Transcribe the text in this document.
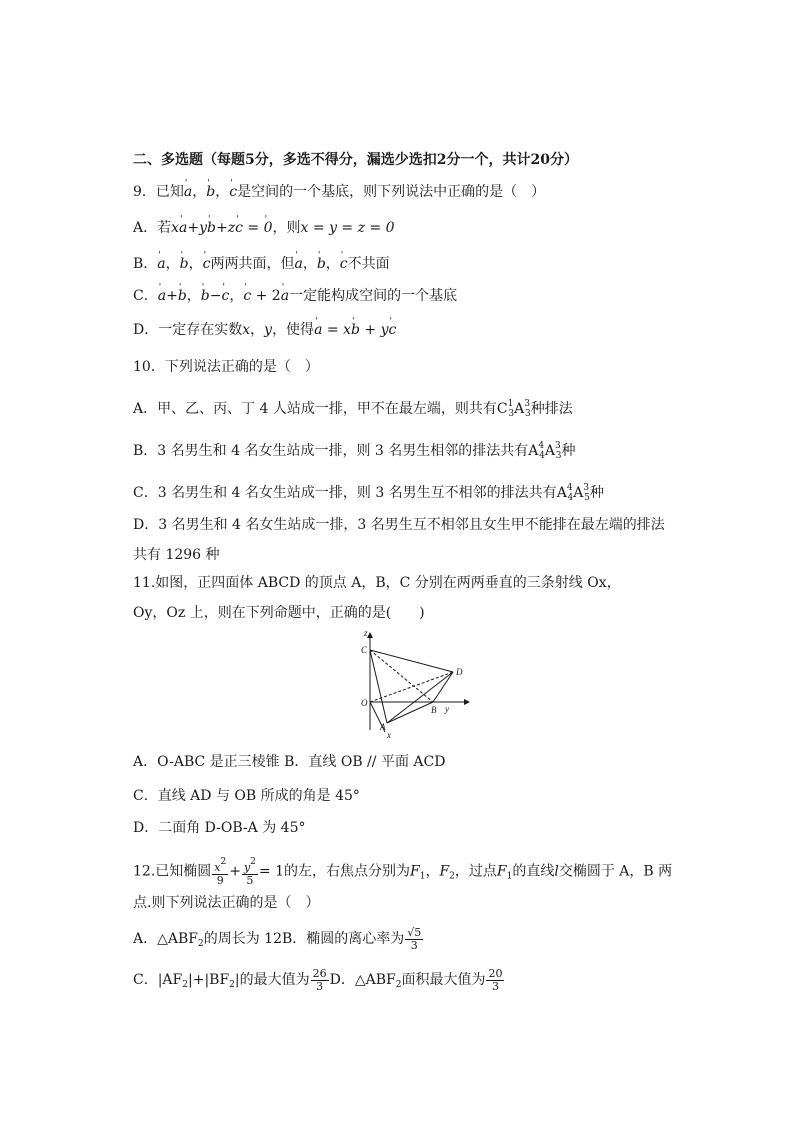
二、多选题（每题5分，多选不得分，漏选少选扣2分一个，共计20分）
9．已知' a，' b，' c是空间的一个基底，则下列说法中正确的是（　）
A．若x' a+y' b+z' c = ' 0，则x = y = z = 0
B．' a，' b，' c两两共面，但' a，' b，' c不共面
C．' a+' b，' b−' c，' c + 2' a一定能构成空间的一个基底
D．一定存在实数x，y，使得' a = x' b + y' c
10．下列说法正确的是（　）
A．甲、乙、丙、丁 4 人站成一排，甲不在最左端，则共有$C^1_3A^3_3$种排法
B．3 名男生和 4 名女生站成一排，则 3 名男生相邻的排法共有$A^4_4A^3_3$种
C．3 名男生和 4 名女生站成一排，则 3 名男生互不相邻的排法共有$A^4_4A^3_5$种
D．3 名男生和 4 名女生站成一排，3 名男生互不相邻且女生甲不能排在最左端的排法
共有 1296 种
11.如图，正四面体 ABCD 的顶点 A，B，C 分别在两两垂直的三条射线 Ox，
Oy，Oz 上，则在下列命题中，正确的是(　　)
z
C
D
O
B y
A
x
A．O-ABC 是正三棱锥 B．直线 OB // 平面 ACD
C．直线 AD 与 OB 所成的角是 45°
D．二面角 D-OB-A 为 45°
12.已知椭圆 $\frac{x^2}{9} + \frac{y^2}{5} = 1$的左，右焦点分别为$F_1$，$F_2$，过点$F_1$的直线l交椭圆于 A，B 两
点.则下列说法正确的是（　）
A．$\triangle ABF_2$的周长为 12B．椭圆的离心率为 $\frac{√5}{3}$
C．$|AF_2|+|BF_2|$的最大值为 $\frac{26}{3}$ D．$\triangle ABF_2$面积最大值为 $\frac{20}{3}$
